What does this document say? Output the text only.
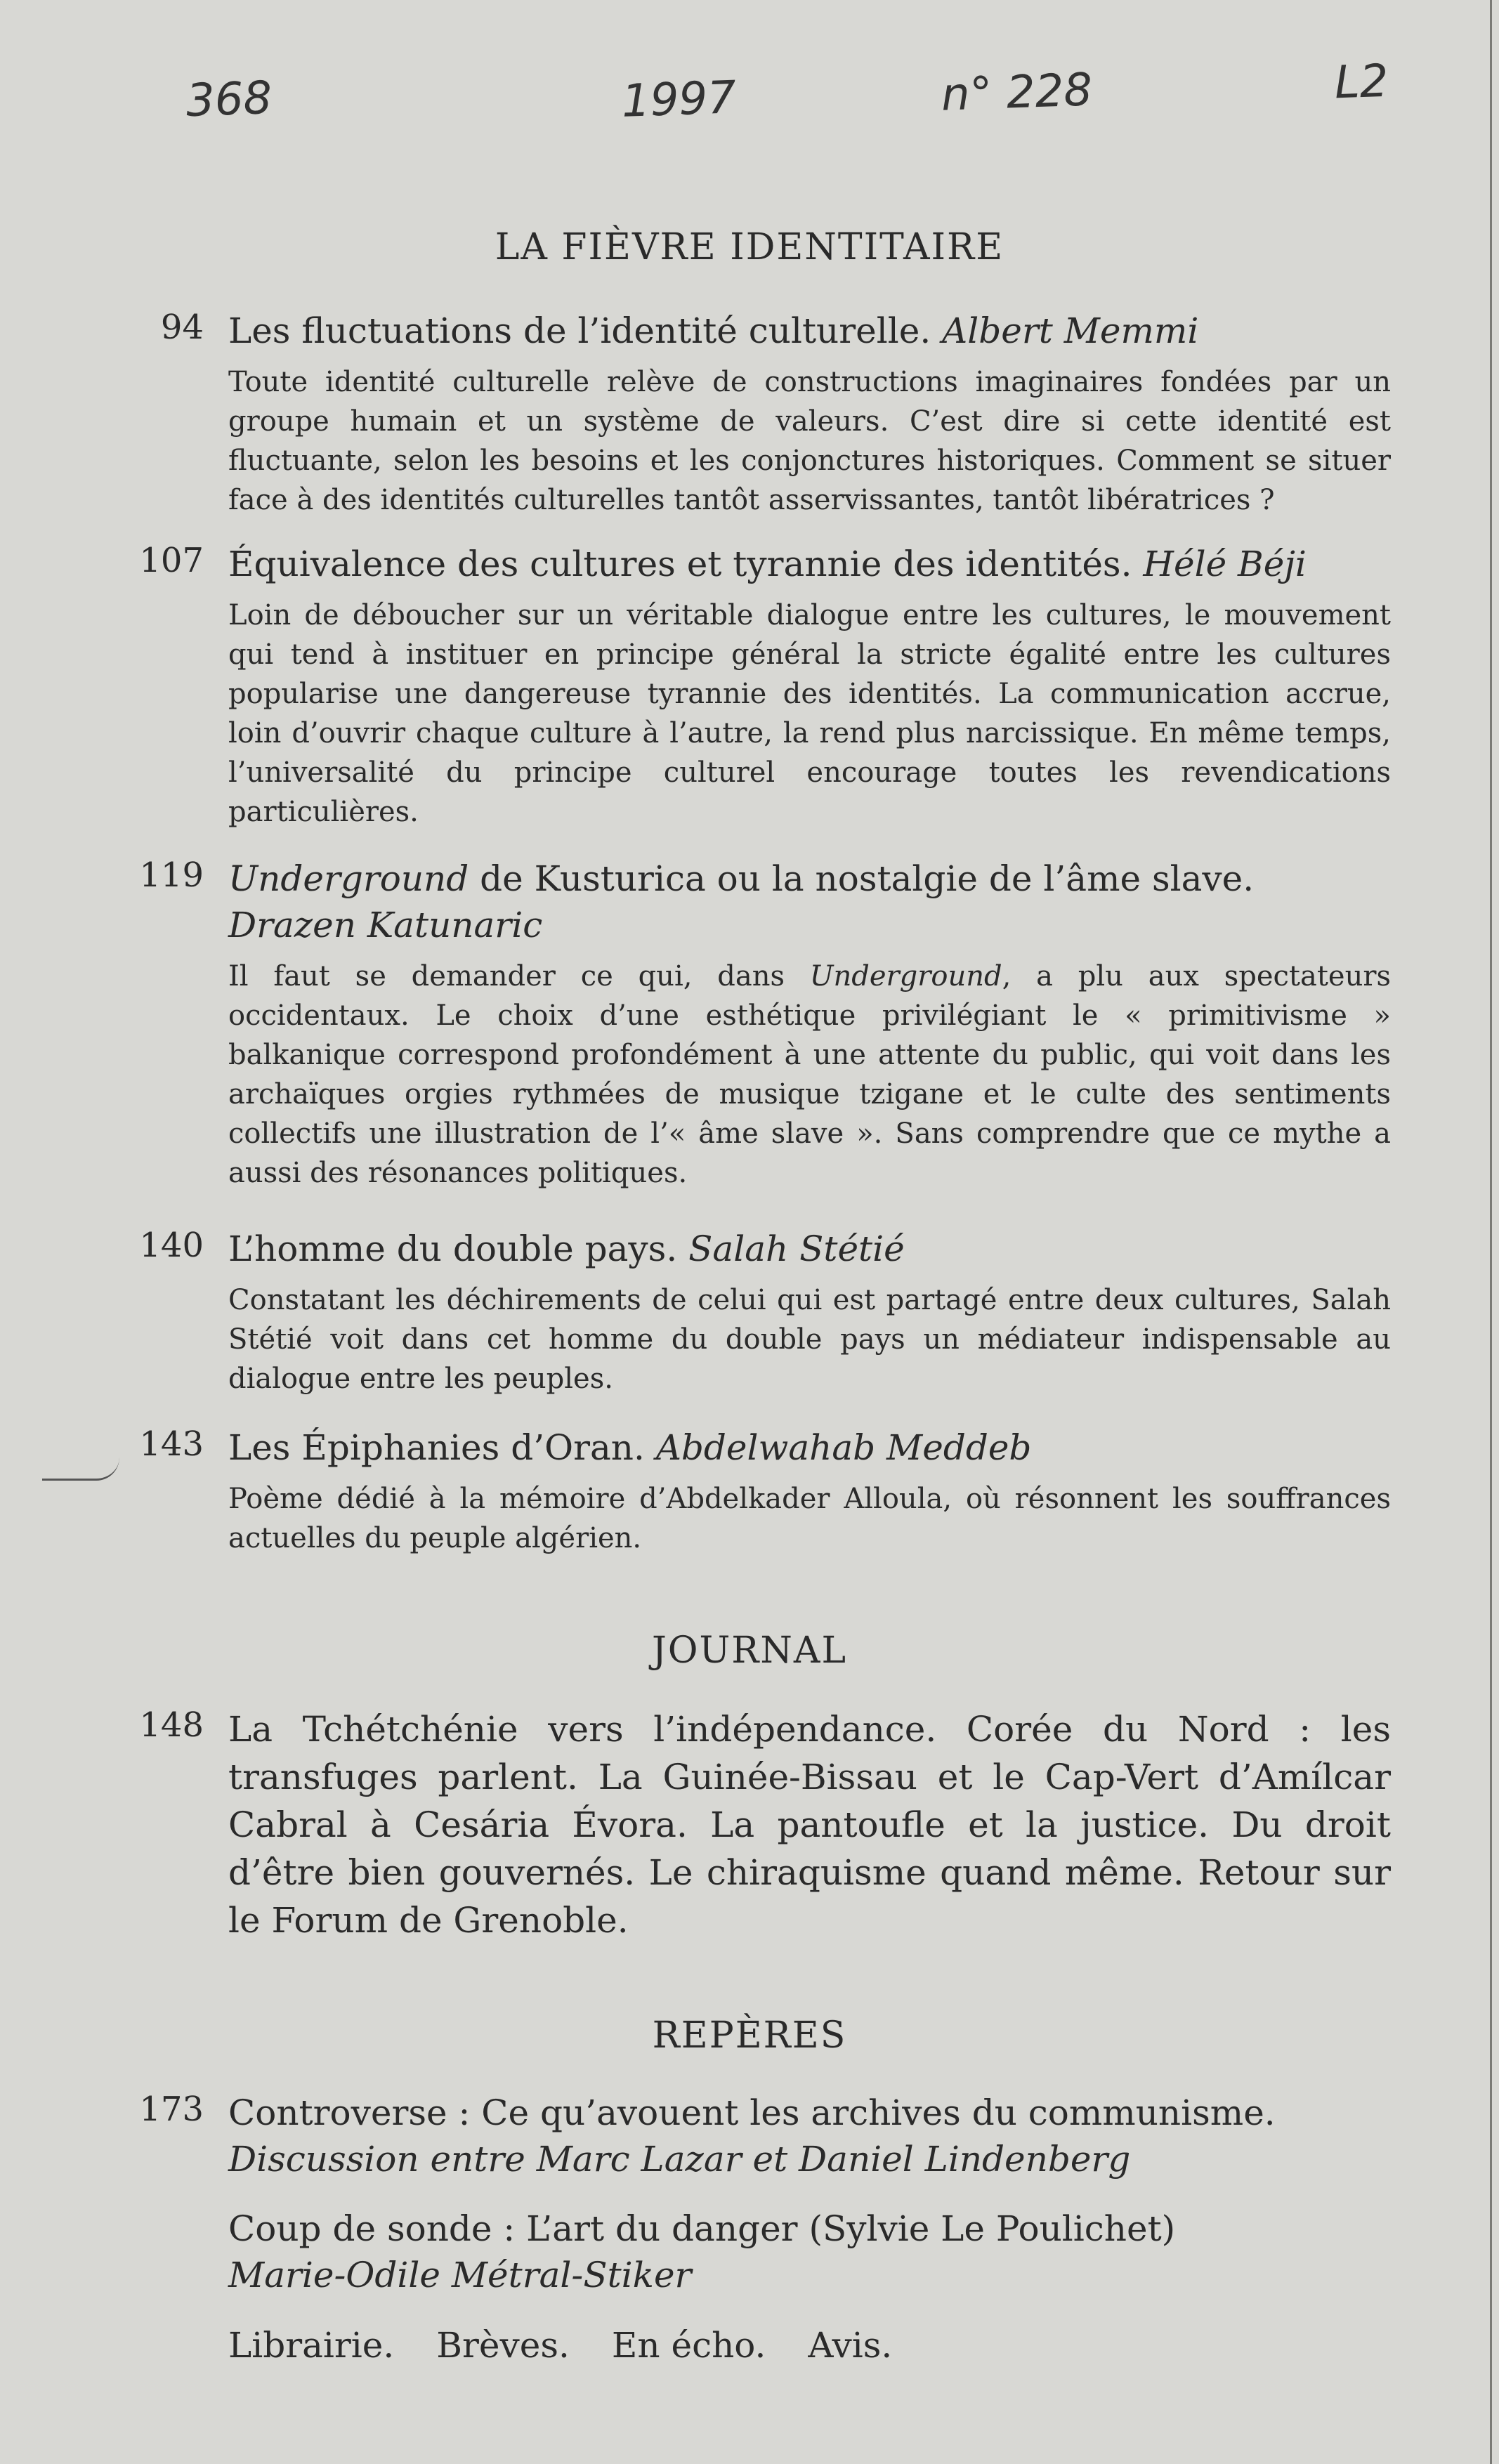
368	1997	n° 228	L2
LA FIÈVRE IDENTITAIRE
94 Les fluctuations de l’identité culturelle. Albert Memmi
Toute identité culturelle relève de constructions imaginaires fondées par un groupe humain et un système de valeurs. C’est dire si cette identité est fluctuante, selon les besoins et les conjonctures historiques. Comment se situer face à des identités culturelles tantôt asservissantes, tantôt libératrices ?
107 Équivalence des cultures et tyrannie des identités. Hélé Béji
Loin de déboucher sur un véritable dialogue entre les cultures, le mouvement qui tend à instituer en principe général la stricte égalité entre les cultures popularise une dangereuse tyrannie des identités. La communication accrue, loin d’ouvrir chaque culture à l’autre, la rend plus narcissique. En même temps, l’universalité du principe culturel encourage toutes les revendications particulières.
119 Underground de Kusturica ou la nostalgie de l’âme slave.
Drazen Katunaric
Il faut se demander ce qui, dans Underground, a plu aux spectateurs occidentaux. Le choix d’une esthétique privilégiant le « primitivisme » balkanique correspond profondément à une attente du public, qui voit dans les archaïques orgies rythmées de musique tzigane et le culte des sentiments collectifs une illustration de l’« âme slave ». Sans comprendre que ce mythe a aussi des résonances politiques.
140 L’homme du double pays. Salah Stétié
Constatant les déchirements de celui qui est partagé entre deux cultures, Salah Stétié voit dans cet homme du double pays un médiateur indispensable au dialogue entre les peuples.
143 Les Épiphanies d’Oran. Abdelwahab Meddeb
Poème dédié à la mémoire d’Abdelkader Alloula, où résonnent les souffrances actuelles du peuple algérien.
JOURNAL
148 La Tchétchénie vers l’indépendance. Corée du Nord : les transfuges parlent. La Guinée-Bissau et le Cap-Vert d’Amílcar Cabral à Cesária Évora. La pantoufle et la justice. Du droit d’être bien gouvernés. Le chiraquisme quand même. Retour sur le Forum de Grenoble.
REPÈRES
173 Controverse : Ce qu’avouent les archives du communisme.
Discussion entre Marc Lazar et Daniel Lindenberg
Coup de sonde : L’art du danger (Sylvie Le Poulichet)
Marie-Odile Métral-Stiker
Librairie. Brèves. En écho. Avis.
